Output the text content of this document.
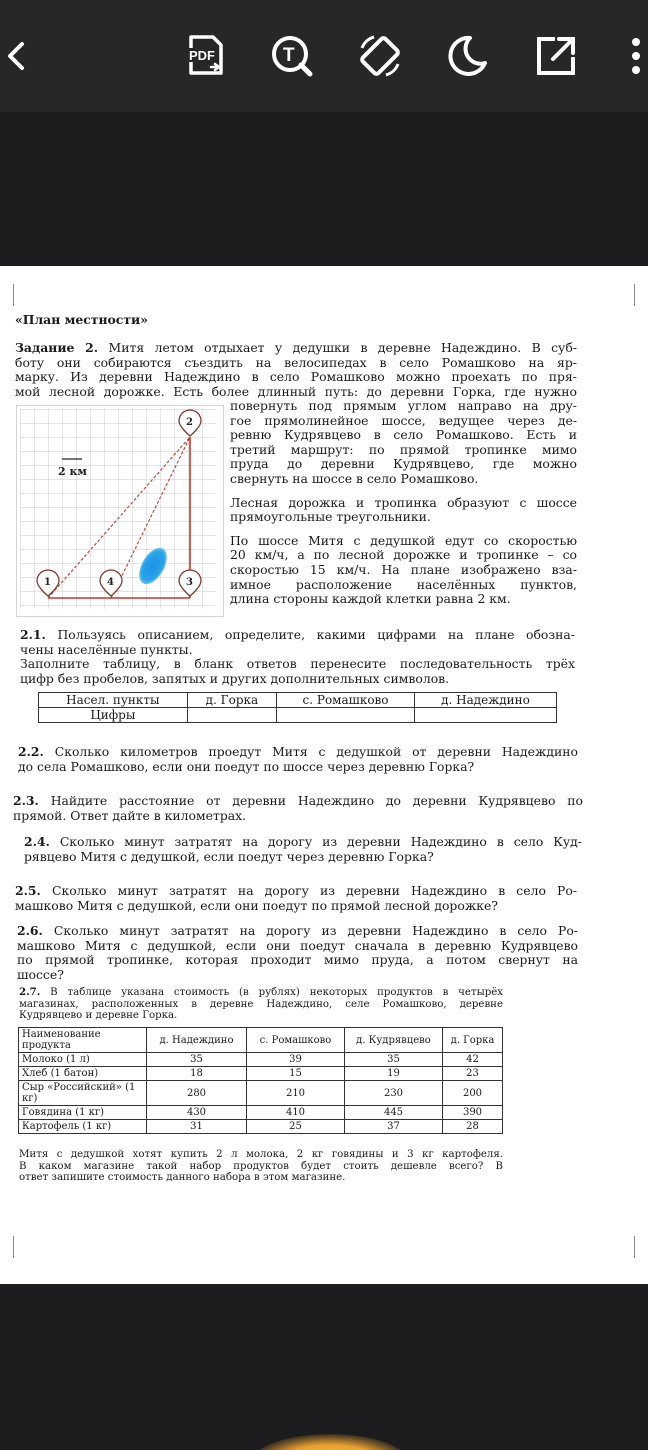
PDF	T
«План местности»
Задание 2. Митя летом отдыхает у дедушки в деревне Надеждино. В суб-
боту они собираются съездить на велосипедах в село Ромашково на яр-
марку. Из деревни Надеждино в село Ромашково можно проехать по пря-
мой лесной дорожке. Есть более длинный путь: до деревни Горка, где нужно
2 км
1	4	3
2
повернуть под прямым углом направо на дру-
гое прямолинейное шоссе, ведущее через де-
ревню Кудрявцево в село Ромашково. Есть и
третий маршрут: по прямой тропинке мимо
пруда до деревни Кудрявцево, где можно
свернуть на шоссе в село Ромашково.
Лесная дорожка и тропинка образуют с шоссе
прямоугольные треугольники.
По шоссе Митя с дедушкой едут со скоростью
20 км/ч, а по лесной дорожке и тропинке – со
скоростью 15 км/ч. На плане изображено вза-
имное расположение населённых пунктов,
длина стороны каждой клетки равна 2 км.
2.1. Пользуясь описанием, определите, какими цифрами на плане обозна-
чены населённые пункты.
Заполните таблицу, в бланк ответов перенесите последовательность трёх
цифр без пробелов, запятых и других дополнительных символов.
Насел. пункты	д. Горка	с. Ромашково	д. Надеждино
Цифры			
2.2. Сколько километров проедут Митя с дедушкой от деревни Надеждино
до села Ромашково, если они поедут по шоссе через деревню Горка?
2.3. Найдите расстояние от деревни Надеждино до деревни Кудрявцево по
прямой. Ответ дайте в километрах.
2.4. Сколько минут затратят на дорогу из деревни Надеждино в село Куд-
рявцево Митя с дедушкой, если поедут через деревню Горка?
2.5. Сколько минут затратят на дорогу из деревни Надеждино в село Ро-
машково Митя с дедушкой, если они поедут по прямой лесной дорожке?
2.6. Сколько минут затратят на дорогу из деревни Надеждино в село Ро-
машково Митя с дедушкой, если они поедут сначала в деревню Кудрявцево
по прямой тропинке, которая проходит мимо пруда, а потом свернут на
шоссе?
2.7. В таблице указана стоимость (в рублях) некоторых продуктов в четырёх
магазинах, расположенных в деревне Надеждино, селе Ромашково, деревне
Кудрявцево и деревне Горка.
Наименование продукта	д. Надеждино	с. Ромашково	д. Кудрявцево	д. Горка
Молоко (1 л)	35	39	35	42
Хлеб (1 батон)	18	15	19	23
Сыр «Российский» (1 кг)	280	210	230	200
Говядина (1 кг)	430	410	445	390
Картофель (1 кг)	31	25	37	28
Митя с дедушкой хотят купить 2 л молока, 2 кг говядины и 3 кг картофеля.
В каком магазине такой набор продуктов будет стоить дешевле всего? В
ответ запишите стоимость данного набора в этом магазине.
